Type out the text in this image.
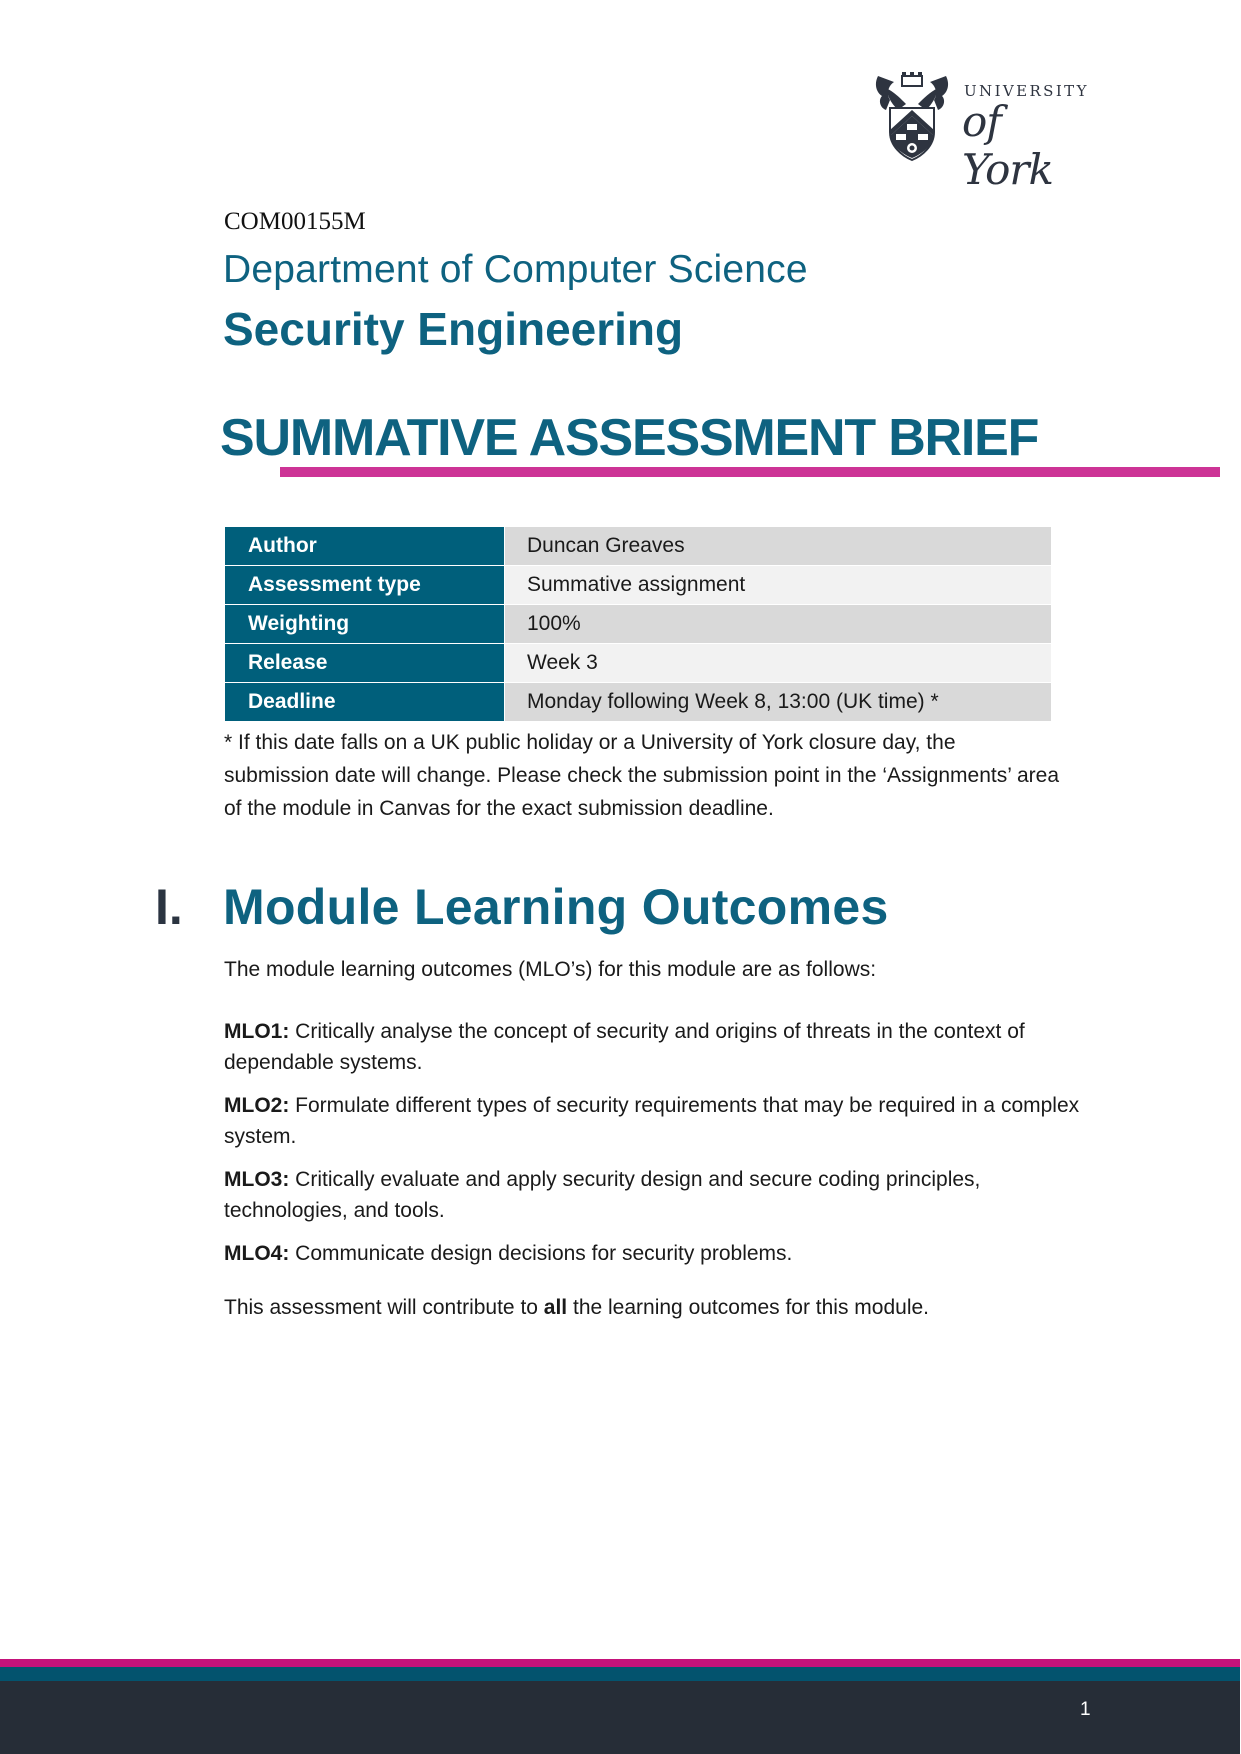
UNIVERSITY
of York
COM00155M
Department of Computer Science
Security Engineering
SUMMATIVE ASSESSMENT BRIEF
Author	Duncan Greaves
Assessment type	Summative assignment
Weighting	100%
Release	Week 3
Deadline	Monday following Week 8, 13:00 (UK time) *
* If this date falls on a UK public holiday or a University of York closure day, the submission date will change. Please check the submission point in the ‘Assignments’ area of the module in Canvas for the exact submission deadline.
I. Module Learning Outcomes
The module learning outcomes (MLO’s) for this module are as follows:
MLO1: Critically analyse the concept of security and origins of threats in the context of dependable systems.
MLO2: Formulate different types of security requirements that may be required in a complex system.
MLO3: Critically evaluate and apply security design and secure coding principles, technologies, and tools.
MLO4: Communicate design decisions for security problems.
This assessment will contribute to all the learning outcomes for this module.
1
